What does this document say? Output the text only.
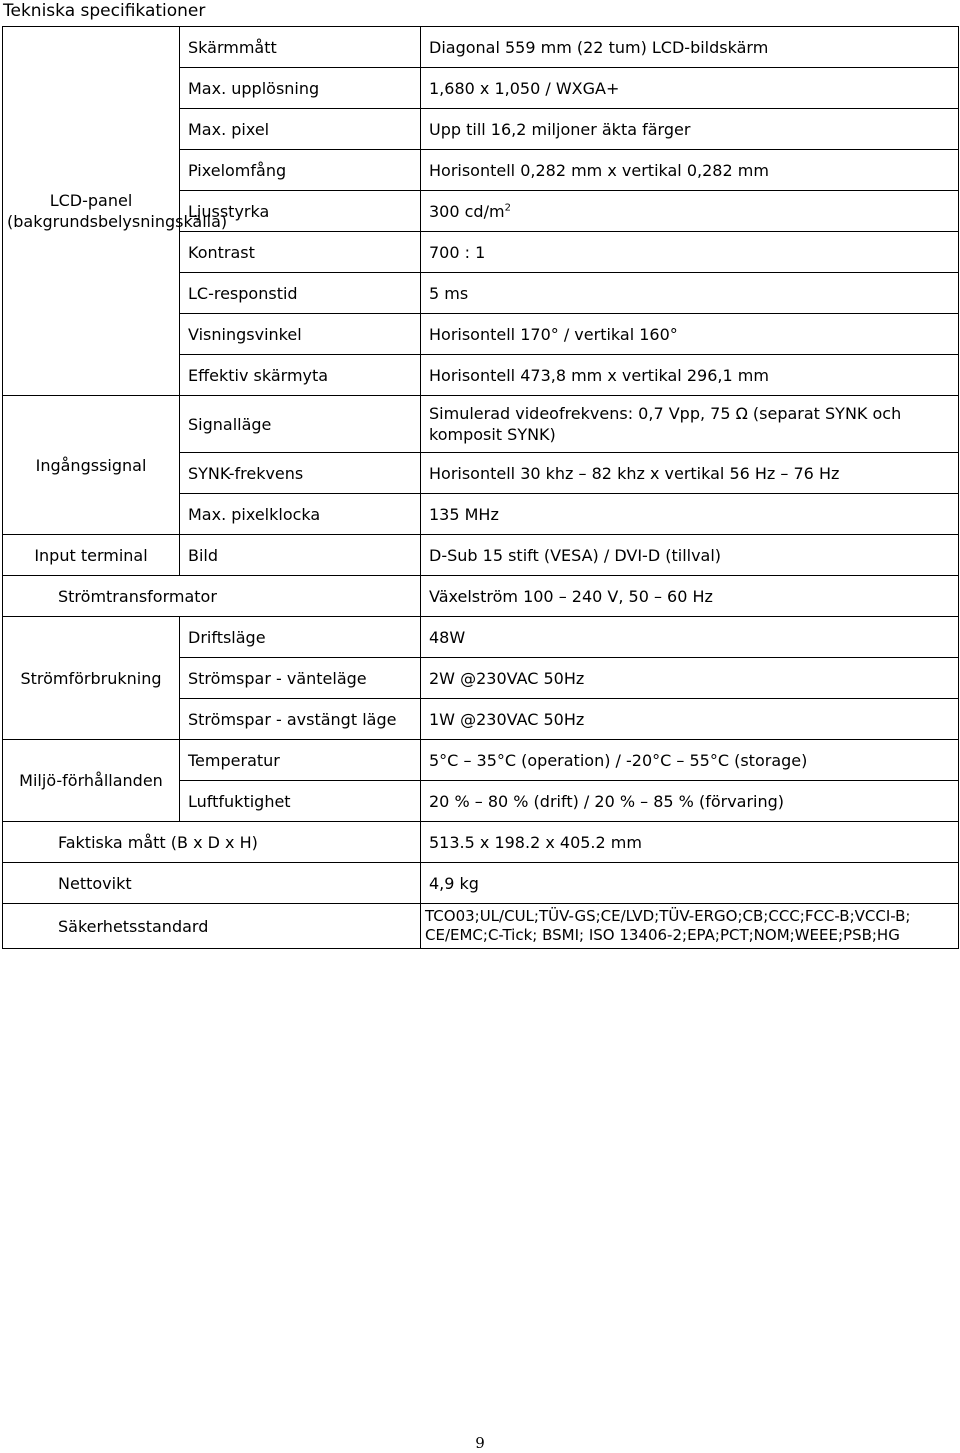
Tekniska specifikationer
LCD-panel (bakgrundsbelysningskälla)	Skärmmått	Diagonal 559 mm (22 tum) LCD-bildskärm
	Max. upplösning	1,680 x 1,050 / WXGA+
	Max. pixel	Upp till 16,2 miljoner äkta färger
	Pixelomfång	Horisontell 0,282 mm x vertikal 0,282 mm
	Ljusstyrka	300 $cd/m^2$
	Kontrast	700 : 1
	LC-responstid	5 ms
	Visningsvinkel	Horisontell 170° / vertikal 160°
	Effektiv skärmyta	Horisontell 473,8 mm x vertikal 296,1 mm
Ingångssignal	Signalläge	Simulerad videofrekvens: 0,7 Vpp, 75 Ω (separat SYNK och komposit SYNK)
	SYNK-frekvens	Horisontell 30 khz – 82 khz x vertikal 56 Hz – 76 Hz
	Max. pixelklocka	135 MHz
Input terminal	Bild	D-Sub 15 stift (VESA) / DVI-D (tillval)
Strömtransformator		Växelström 100 – 240 V, 50 – 60 Hz
Strömförbrukning	Driftsläge	48W
	Strömspar - vänteläge	2W @230VAC 50Hz
	Strömspar - avstängt läge	1W @230VAC 50Hz
Miljö-förhållanden	Temperatur	5°C – 35°C (operation) / -20°C – 55°C (storage)
	Luftfuktighet	20 % – 80 % (drift) / 20 % – 85 % (förvaring)
Faktiska mått (B x D x H)		513.5 x 198.2 x 405.2 mm
Nettovikt		4,9 kg
Säkerhetsstandard		TCO03;UL/CUL;TÜV-GS;CE/LVD;TÜV-ERGO;CB;CCC;FCC-B;VCCI-B; CE/EMC;C-Tick; BSMI; ISO 13406-2;EPA;PCT;NOM;WEEE;PSB;HG
9
